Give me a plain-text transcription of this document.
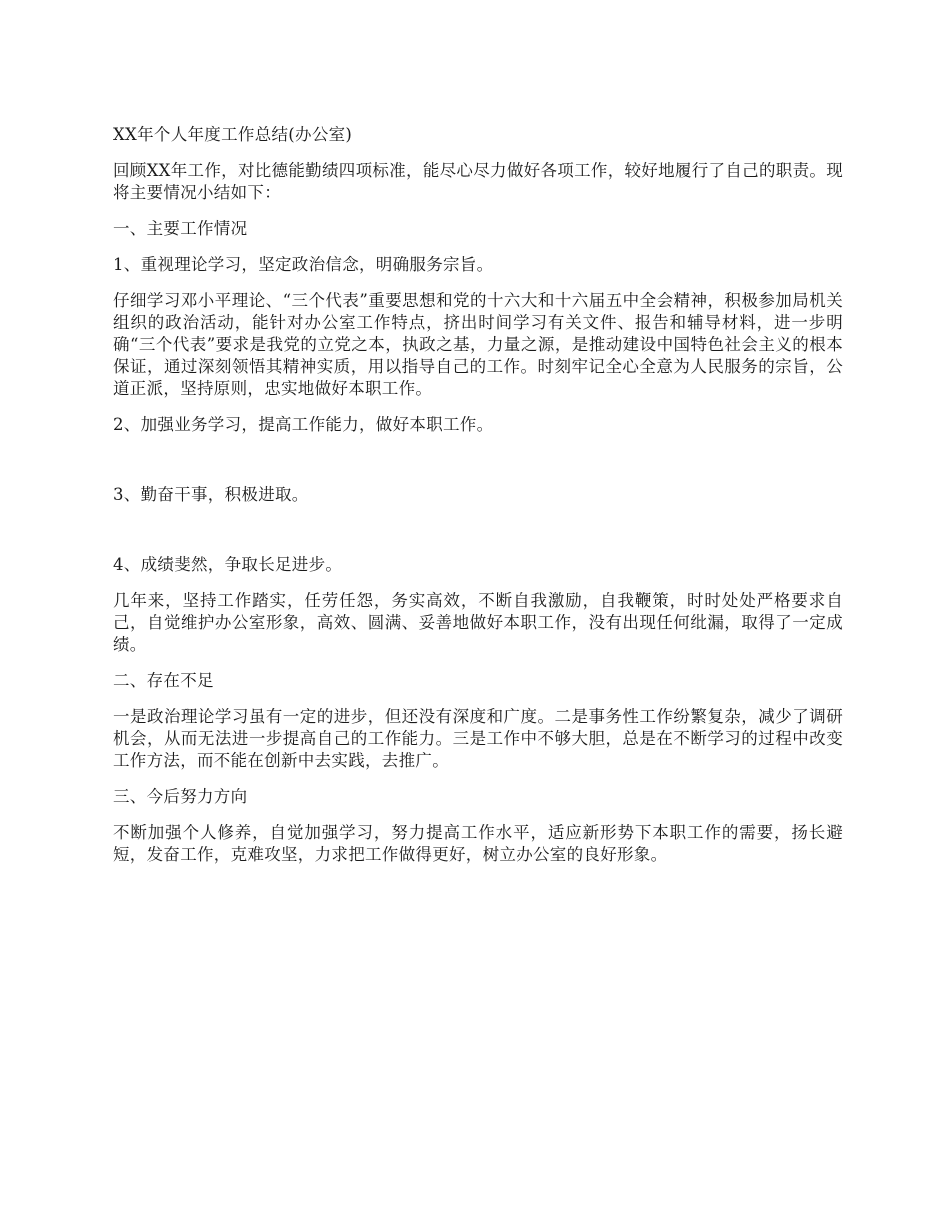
XX年个人年度工作总结(办公室)

回顾XX年工作，对比德能勤绩四项标准，能尽心尽力做好各项工作，较好地履行了自己的职责。现将主要情况小结如下：

一、主要工作情况

1、重视理论学习，坚定政治信念，明确服务宗旨。

仔细学习邓小平理论、“三个代表”重要思想和党的十六大和十六届五中全会精神，积极参加局机关组织的政治活动，能针对办公室工作特点，挤出时间学习有关文件、报告和辅导材料，进一步明确“三个代表”要求是我党的立党之本，执政之基，力量之源，是推动建设中国特色社会主义的根本保证，通过深刻领悟其精神实质，用以指导自己的工作。时刻牢记全心全意为人民服务的宗旨，公道正派，坚持原则，忠实地做好本职工作。

2、加强业务学习，提高工作能力，做好本职工作。

3、勤奋干事，积极进取。

4、成绩斐然，争取长足进步。

几年来，坚持工作踏实，任劳任怨，务实高效，不断自我激励，自我鞭策，时时处处严格要求自己，自觉维护办公室形象，高效、圆满、妥善地做好本职工作，没有出现任何纰漏，取得了一定成绩。

二、存在不足

一是政治理论学习虽有一定的进步，但还没有深度和广度。二是事务性工作纷繁复杂，减少了调研机会，从而无法进一步提高自己的工作能力。三是工作中不够大胆，总是在不断学习的过程中改变工作方法，而不能在创新中去实践，去推广。

三、今后努力方向

不断加强个人修养，自觉加强学习，努力提高工作水平，适应新形势下本职工作的需要，扬长避短，发奋工作，克难攻坚，力求把工作做得更好，树立办公室的良好形象。
